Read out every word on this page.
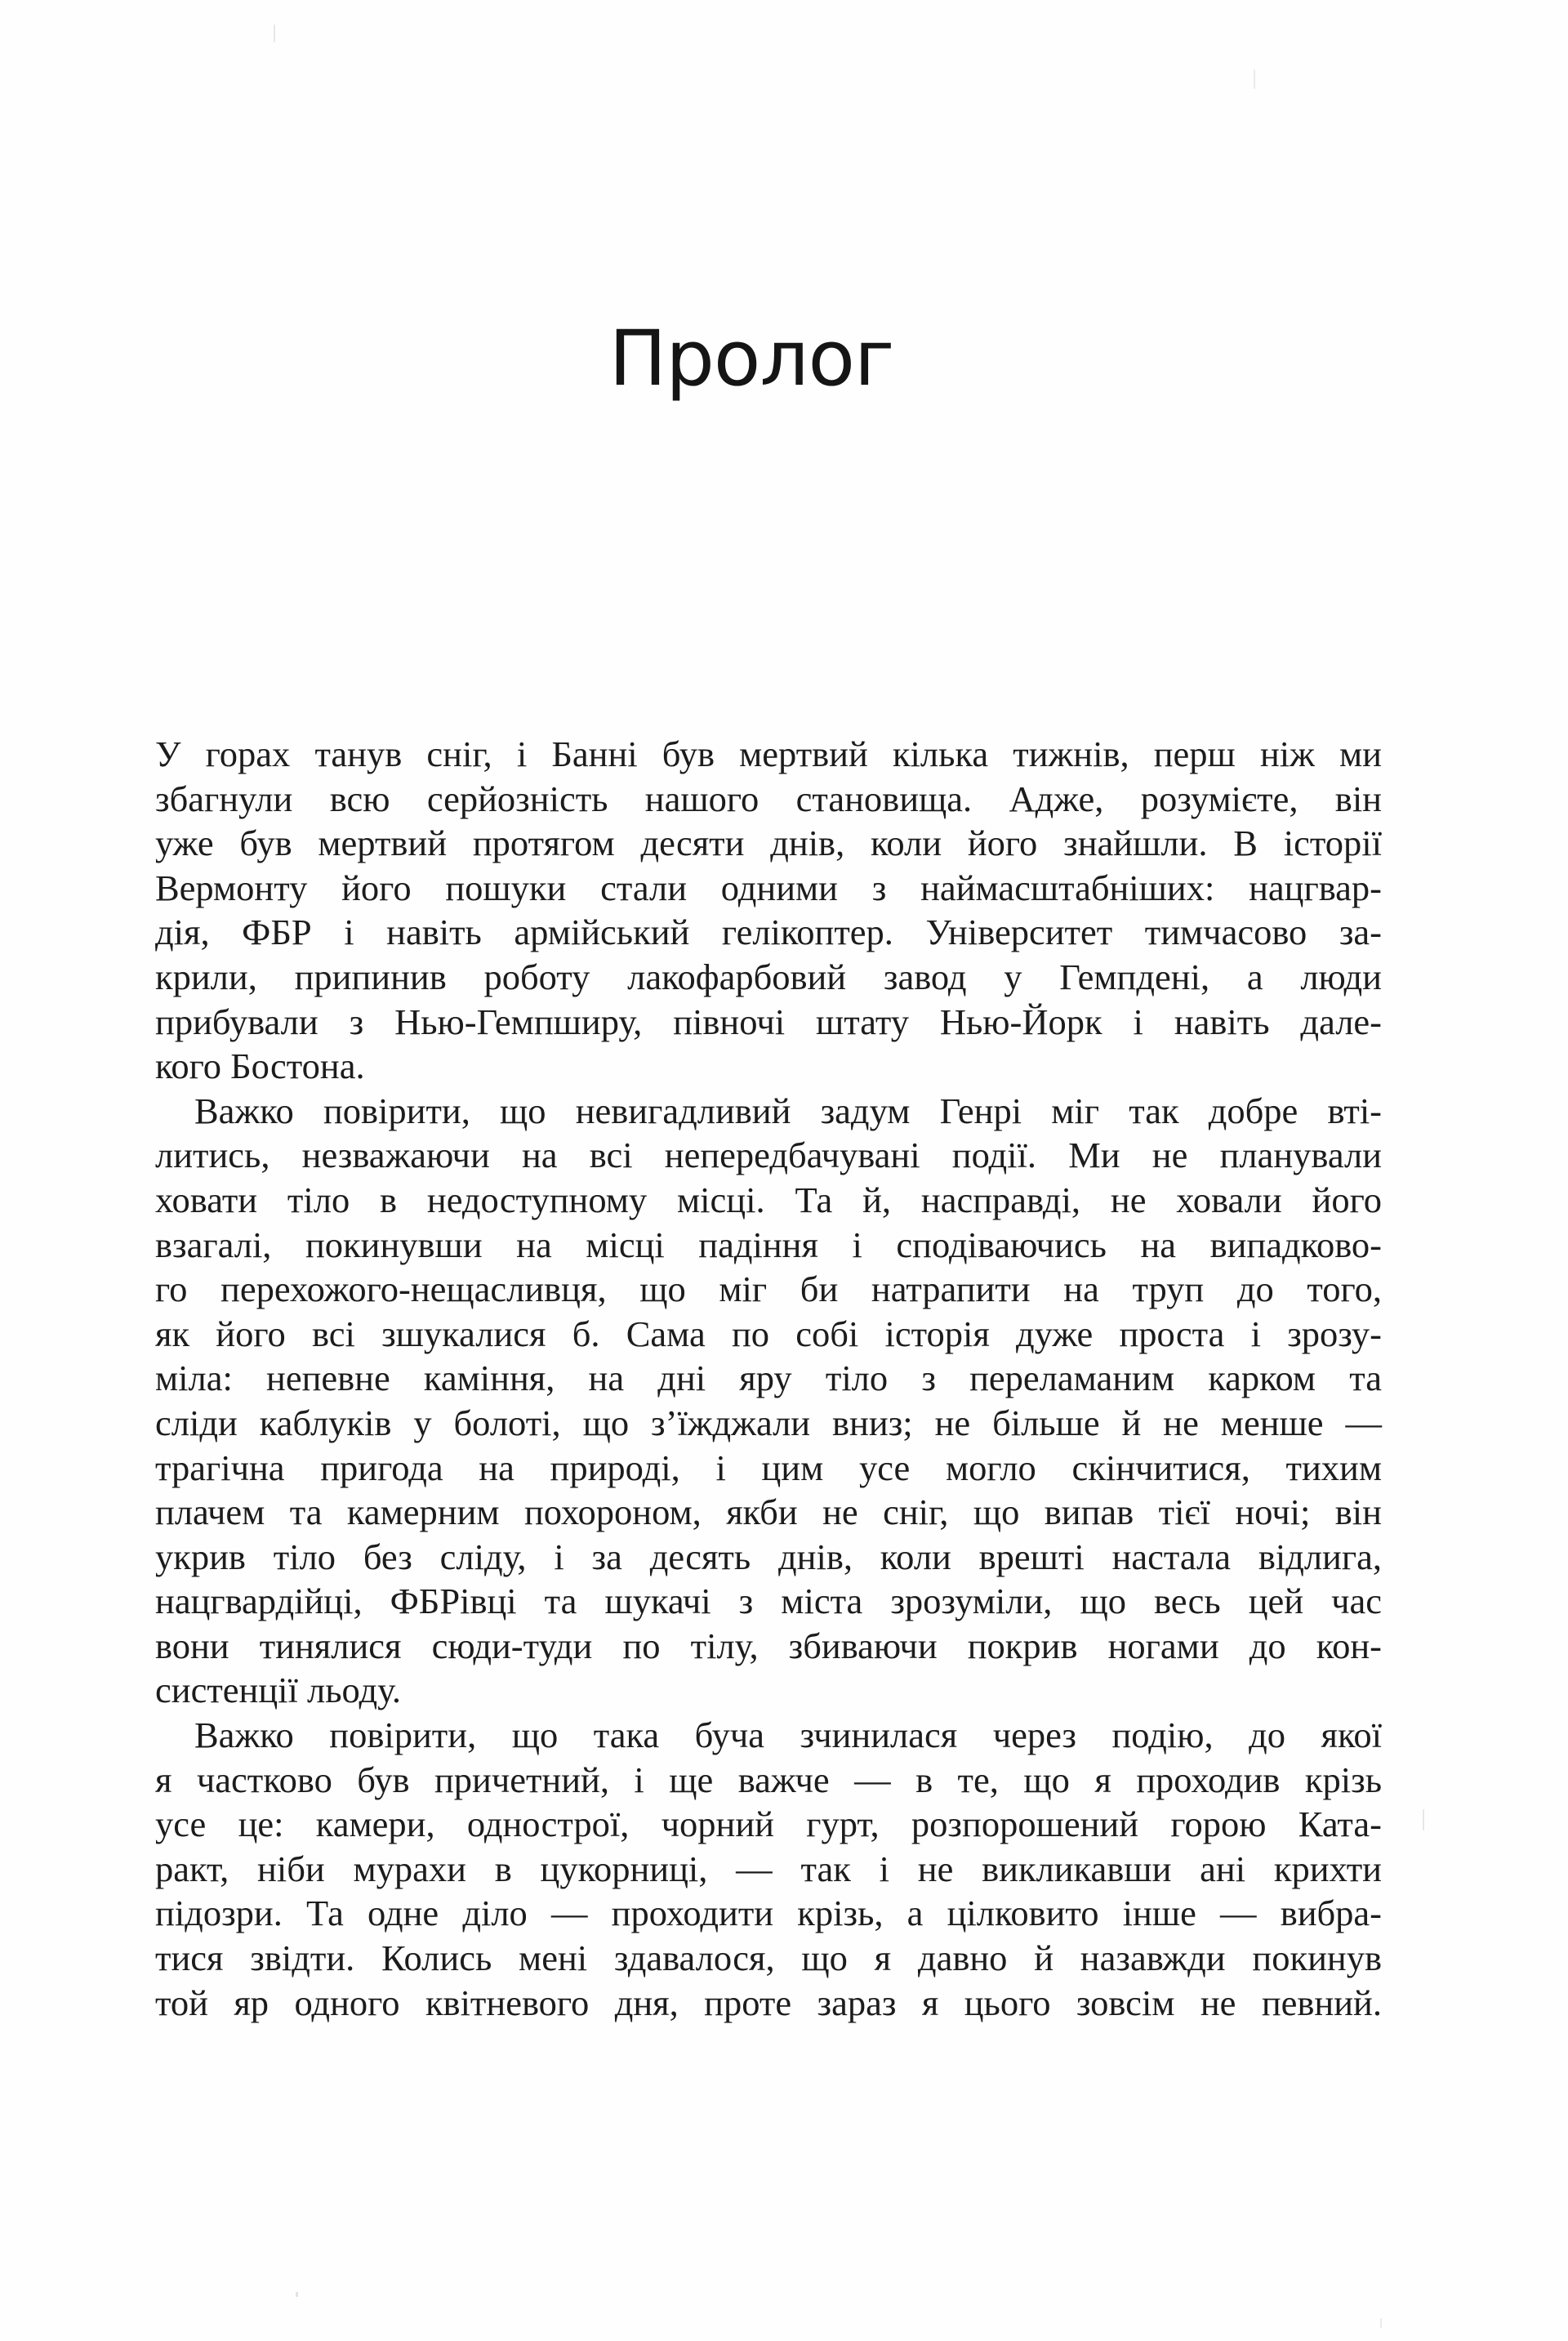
Пролог
У горах танув сніг, і Банні був мертвий кілька тижнів, перш ніж ми
збагнули всю серйозність нашого становища. Адже, розумієте, він
уже був мертвий протягом десяти днів, коли його знайшли. В історії
Вермонту його пошуки стали одними з наймасштабніших: нацгвар-
дія, ФБР і навіть армійський гелікоптер. Університет тимчасово за-
крили, припинив роботу лакофарбовий завод у Гемпдені, а люди
прибували з Нью-Гемпширу, півночі штату Нью-Йорк і навіть дале-
кого Бостона.
Важко повірити, що невигадливий задум Генрі міг так добре вті-
литись, незважаючи на всі непередбачувані події. Ми не планували
ховати тіло в недоступному місці. Та й, насправді, не ховали його
взагалі, покинувши на місці падіння і сподіваючись на випадково-
го перехожого-нещасливця, що міг би натрапити на труп до того,
як його всі зшукалися б. Сама по собі історія дуже проста і зрозу-
міла: непевне каміння, на дні яру тіло з переламаним карком та
сліди каблуків у болоті, що з’їжджали вниз; не більше й не менше —
трагічна пригода на природі, і цим усе могло скінчитися, тихим
плачем та камерним похороном, якби не сніг, що випав тієї ночі; він
укрив тіло без сліду, і за десять днів, коли врешті настала відлига,
нацгвардійці, ФБРівці та шукачі з міста зрозуміли, що весь цей час
вони тинялися сюди-туди по тілу, збиваючи покрив ногами до кон-
систенції льоду.
Важко повірити, що така буча зчинилася через подію, до якої
я частково був причетний, і ще важче — в те, що я проходив крізь
усе це: камери, однострої, чорний гурт, розпорошений горою Ката-
ракт, ніби мурахи в цукорниці, — так і не викликавши ані крихти
підозри. Та одне діло — проходити крізь, а цілковито інше — вибра-
тися звідти. Колись мені здавалося, що я давно й назавжди покинув
той яр одного квітневого дня, проте зараз я цього зовсім не певний.
